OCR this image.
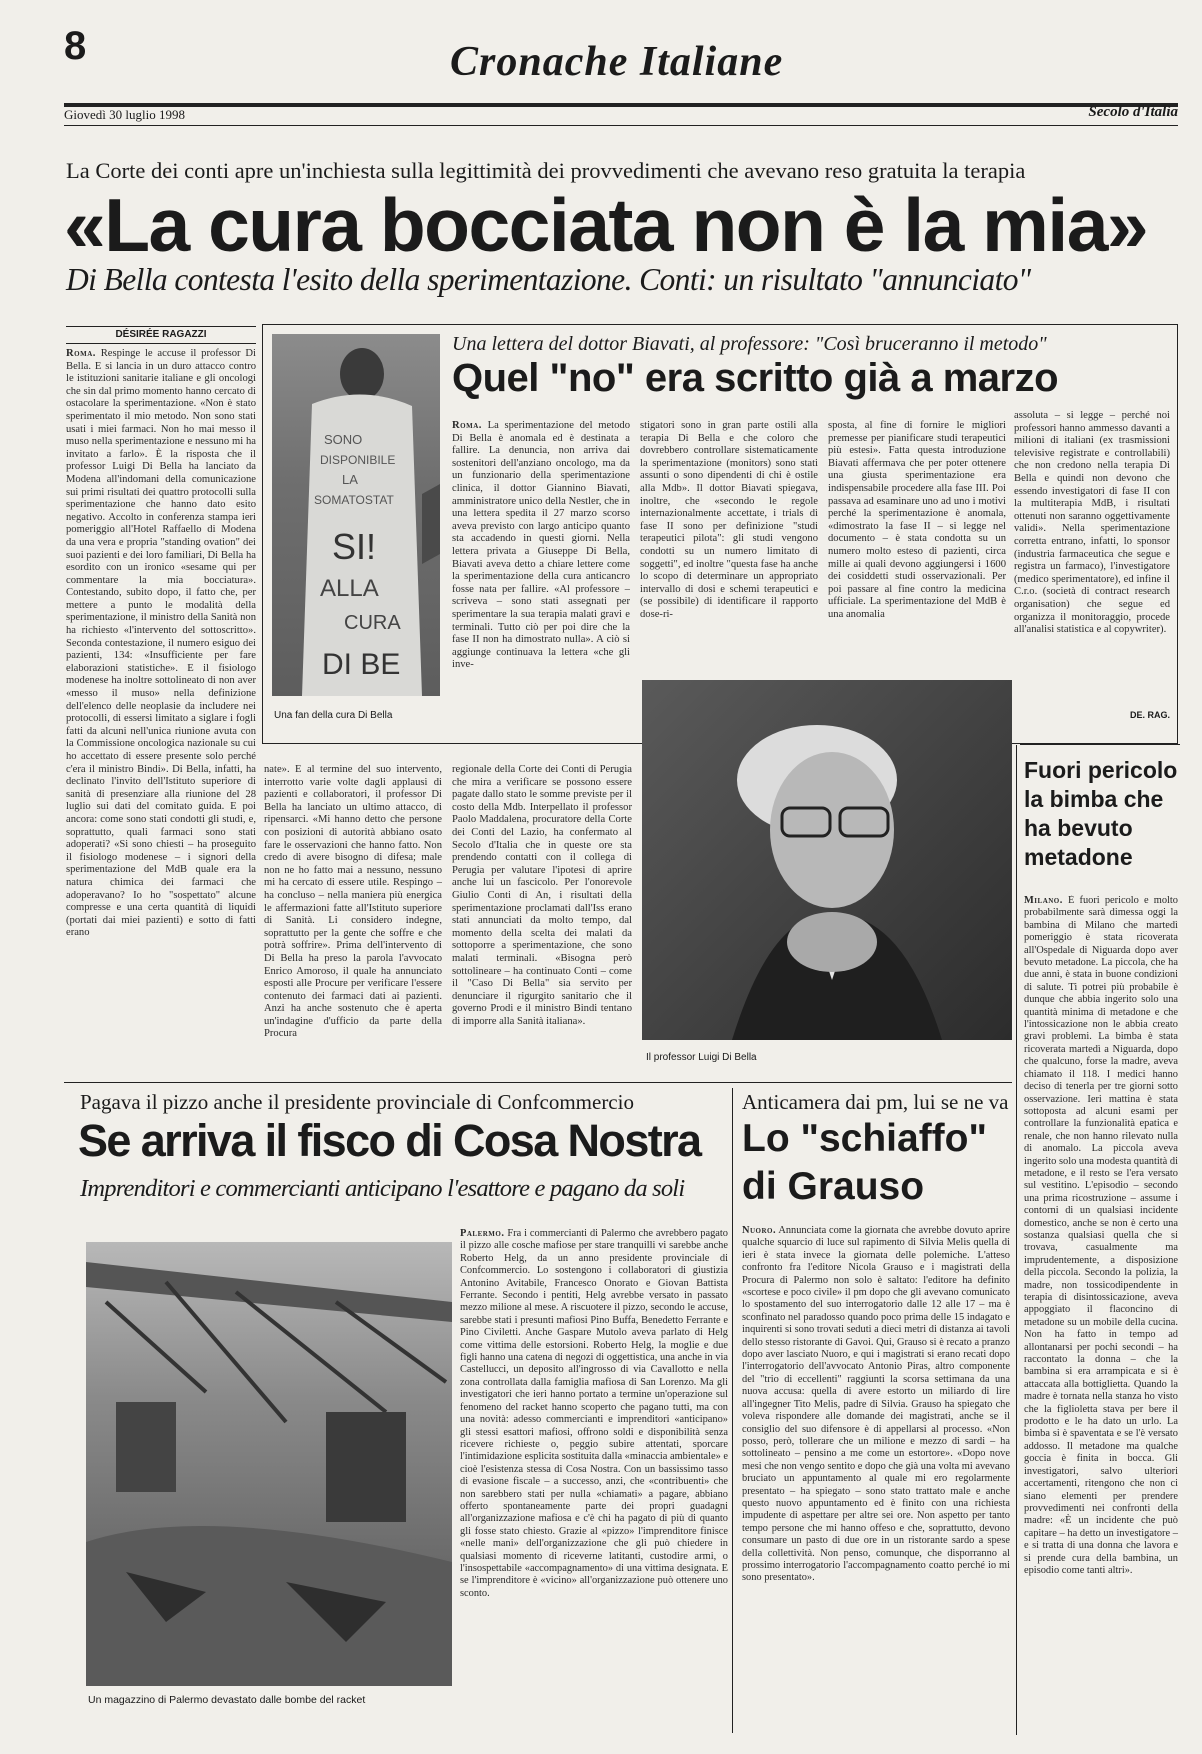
8	Cronache Italiane
Giovedì 30 luglio 1998	Secolo d'Italia
La Corte dei conti apre un'inchiesta sulla legittimità dei provvedimenti che avevano reso gratuita la terapia
«La cura bocciata non è la mia»
Di Bella contesta l'esito della sperimentazione. Conti: un risultato "annunciato"
DÉSIRÉE RAGAZZI

Roma. Respinge le accuse il professor Di Bella. E si lancia in un duro attacco contro le istituzioni sanitarie italiane e gli oncologi che sin dal primo momento hanno cercato di ostacolare la sperimentazione. «Non è stato sperimentato il mio metodo. Non sono stati usati i miei farmaci. Non ho mai messo il muso nella sperimentazione e nessuno mi ha invitato a farlo». È la risposta che il professor Luigi Di Bella ha lanciato da Modena all'indomani della comunicazione sui primi risultati dei quattro protocolli sulla sperimentazione che hanno dato esito negativo. Accolto in conferenza stampa ieri pomeriggio all'Hotel Raffaello di Modena da una vera e propria "standing ovation" dei suoi pazienti e dei loro familiari, Di Bella ha esordito con un ironico «sesame qui per commentare la mia bocciatura». Contestando, subito dopo, il fatto che, per mettere a punto le modalità della sperimentazione, il ministro della Sanità non ha richiesto «l'intervento del sottoscritto». Seconda contestazione, il numero esiguo dei pazienti, 134: «Insufficiente per fare elaborazioni statistiche». E il fisiologo modenese ha inoltre sottolineato di non aver «messo il muso» nella definizione dell'elenco delle neoplasie da includere nei protocolli, di essersi limitato a siglare i fogli fatti da alcuni nell'unica riunione avuta con la Commissione oncologica nazionale su cui ho accettato di essere presente solo perché c'era il ministro Bindi». Di Bella, infatti, ha declinato l'invito dell'Istituto superiore di sanità di presenziare alla riunione del 28 luglio sui dati del comitato guida. E poi ancora: come sono stati condotti gli studi, e, soprattutto, quali farmaci sono stati adoperati? «Si sono chiesti – ha proseguito il fisiologo modenese – i signori della sperimentazione del MdB quale era la natura chimica dei farmaci che adoperavano? Io ho "sospettato" alcune compresse e una certa quantità di liquidi (portati dai miei pazienti) e sotto di fatti erano

SONO
DISPONIBILE
LA
SOMATOSTAT
SI!
ALLA
CURA
DI BE
Una fan della cura Di Bella
Una lettera del dottor Biavati, al professore: "Così bruceranno il metodo"
Quel "no" era scritto già a marzo

Roma. La sperimentazione del metodo Di Bella è anomala ed è destinata a fallire. La denuncia, non arriva dai sostenitori dell'anziano oncologo, ma da un funzionario della sperimentazione clinica, il dottor Giannino Biavati, amministratore unico della Nestler, che in una lettera spedita il 27 marzo scorso aveva previsto con largo anticipo quanto sta accadendo in questi giorni. Nella lettera privata a Giuseppe Di Bella, Biavati aveva detto a chiare lettere come la sperimentazione della cura anticancro fosse nata per fallire. «Al professore – scriveva – sono stati assegnati per sperimentare la sua terapia malati gravi e terminali. Tutto ciò per poi dire che la fase II non ha dimostrato nulla». A ciò si aggiunge continuava la lettera «che gli inve-

stigatori sono in gran parte ostili alla terapia Di Bella e che coloro che dovrebbero controllare sistematicamente la sperimentazione (monitors) sono stati assunti o sono dipendenti di chi è ostile alla Mdb». Il dottor Biavati spiegava, inoltre, che «secondo le regole internazionalmente accettate, i trials di fase II sono per definizione "studi terapeutici pilota": gli studi vengono condotti su un numero limitato di soggetti", ed inoltre "questa fase ha anche lo scopo di determinare un appropriato intervallo di dosi e schemi terapeutici e (se possibile) di identificare il rapporto dose-ri-

sposta, al fine di fornire le migliori premesse per pianificare studi terapeutici più estesi». Fatta questa introduzione Biavati affermava che per poter ottenere una giusta sperimentazione era indispensabile procedere alla fase III. Poi passava ad esaminare uno ad uno i motivi perché la sperimentazione è anomala, «dimostrato la fase II – si legge nel documento – è stata condotta su un numero molto esteso di pazienti, circa mille ai quali devono aggiungersi i 1600 dei cosiddetti studi osservazionali. Per poi passare al fine contro la medicina ufficiale. La sperimentazione del MdB è una anomalia

assoluta – si legge – perché noi professori hanno ammesso davanti a milioni di italiani (ex trasmissioni televisive registrate e controllabili) che non credono nella terapia Di Bella e quindi non devono che essendo investigatori di fase II con la multiterapia MdB, i risultati ottenuti non saranno oggettivamente validi». Nella sperimentazione corretta entrano, infatti, lo sponsor (industria farmaceutica che segue e registra un farmaco), l'investigatore (medico sperimentatore), ed infine il C.r.o. (società di contract research organisation) che segue ed organizza il monitoraggio, procede all'analisi statistica e al copywriter).

DE. RAG.
Il professor Luigi Di Bella

nate». E al termine del suo intervento, interrotto varie volte dagli applausi di pazienti e collaboratori, il professor Di Bella ha lanciato un ultimo attacco, di ripensarci. «Mi hanno detto che persone con posizioni di autorità abbiano osato fare le osservazioni che hanno fatto. Non credo di avere bisogno di difesa; male non ne ho fatto mai a nessuno, nessuno mi ha cercato di essere utile. Respingo – ha concluso – nella maniera più energica le affermazioni fatte all'Istituto superiore di Sanità. Li considero indegne, soprattutto per la gente che soffre e che potrà soffrire». Prima dell'intervento di Di Bella ha preso la parola l'avvocato Enrico Amoroso, il quale ha annunciato esposti alle Procure per verificare l'essere contenuto dei farmaci dati ai pazienti. Anzi ha anche sostenuto che è aperta un'indagine d'ufficio da parte della Procura

regionale della Corte dei Conti di Perugia che mira a verificare se possono essere pagate dallo stato le somme previste per il costo della Mdb. Interpellato il professor Paolo Maddalena, procuratore della Corte dei Conti del Lazio, ha confermato al Secolo d'Italia che in queste ore sta prendendo contatti con il collega di Perugia per valutare l'ipotesi di aprire anche lui un fascicolo. Per l'onorevole Giulio Conti di An, i risultati della sperimentazione proclamati dall'Iss erano stati annunciati da molto tempo, dal momento della scelta dei malati da sottoporre a sperimentazione, che sono malati terminali. «Bisogna però sottolineare – ha continuato Conti – come il "Caso Di Bella" sia servito per denunciare il rigurgito sanitario che il governo Prodi e il ministro Bindi tentano di imporre alla Sanità italiana».

Fuori pericolo la bimba che ha bevuto metadone

Milano. È fuori pericolo e molto probabilmente sarà dimessa oggi la bambina di Milano che martedì pomeriggio è stata ricoverata all'Ospedale di Niguarda dopo aver bevuto metadone. La piccola, che ha due anni, è stata in buone condizioni di salute. Ti potrei più probabile è dunque che abbia ingerito solo una quantità minima di metadone e che l'intossicazione non le abbia creato gravi problemi. La bimba è stata ricoverata martedì a Niguarda, dopo che qualcuno, forse la madre, aveva chiamato il 118. I medici hanno deciso di tenerla per tre giorni sotto osservazione. Ieri mattina è stata sottoposta ad alcuni esami per controllare la funzionalità epatica e renale, che non hanno rilevato nulla di anomalo. La piccola aveva ingerito solo una modesta quantità di metadone, e il resto se l'era versato sul vestitino. L'episodio – secondo una prima ricostruzione – assume i contorni di un qualsiasi incidente domestico, anche se non è certo una sostanza qualsiasi quella che si trovava, casualmente ma imprudentemente, a disposizione della piccola. Secondo la polizia, la madre, non tossicodipendente in terapia di disintossicazione, aveva appoggiato il flaconcino di metadone su un mobile della cucina. Non ha fatto in tempo ad allontanarsi per pochi secondi – ha raccontato la donna – che la bambina si era arrampicata e si è attaccata alla bottiglietta. Quando la madre è tornata nella stanza ho visto che la figlioletta stava per bere il prodotto e le ha dato un urlo. La bimba si è spaventata e se l'è versato addosso. Il metadone ma qualche goccia è finita in bocca. Gli investigatori, salvo ulteriori accertamenti, ritengono che non ci siano elementi per prendere provvedimenti nei confronti della madre: «È un incidente che può capitare – ha detto un investigatore – e si tratta di una donna che lavora e si prende cura della bambina, un episodio come tanti altri».

Pagava il pizzo anche il presidente provinciale di Confcommercio
Se arriva il fisco di Cosa Nostra
Imprenditori e commercianti anticipano l'esattore e pagano da soli
Un magazzino di Palermo devastato dalle bombe del racket

Palermo. Fra i commercianti di Palermo che avrebbero pagato il pizzo alle cosche mafiose per stare tranquilli vi sarebbe anche Roberto Helg, da un anno presidente provinciale di Confcommercio. Lo sostengono i collaboratori di giustizia Antonino Avitabile, Francesco Onorato e Giovan Battista Ferrante. Secondo i pentiti, Helg avrebbe versato in passato mezzo milione al mese. A riscuotere il pizzo, secondo le accuse, sarebbe stati i presunti mafiosi Pino Buffa, Benedetto Ferrante e Pino Civiletti. Anche Gaspare Mutolo aveva parlato di Helg come vittima delle estorsioni. Roberto Helg, la moglie e due figli hanno una catena di negozi di oggettistica, una anche in via Castellucci, un deposito all'ingrosso di via Cavallotto e nella zona controllata dalla famiglia mafiosa di San Lorenzo. Ma gli investigatori che ieri hanno portato a termine un'operazione sul fenomeno del racket hanno scoperto che pagano tutti, ma con una novità: adesso commercianti e imprenditori «anticipano» gli stessi esattori mafiosi, offrono soldi e disponibilità senza ricevere richieste o, peggio subire attentati, sporcare l'intimidazione esplicita sostituita dalla «minaccia ambientale» e cioè l'esistenza stessa di Cosa Nostra. Con un bassissimo tasso di evasione fiscale – a successo, anzi, che «contribuenti» che non sarebbero stati per nulla «chiamati» a pagare, abbiano offerto spontaneamente parte dei propri guadagni all'organizzazione mafiosa e c'è chi ha pagato di più di quanto gli fosse stato chiesto. Grazie al «pizzo» l'imprenditore finisce «nelle mani» dell'organizzazione che gli può chiedere in qualsiasi momento di riceverne latitanti, custodire armi, o l'insospettabile «accompagnamento» di una vittima designata. E se l'imprenditore è «vicino» all'organizzazione può ottenere uno sconto.

Anticamera dai pm, lui se ne va
Lo "schiaffo" di Grauso

Nuoro. Annunciata come la giornata che avrebbe dovuto aprire qualche squarcio di luce sul rapimento di Silvia Melis quella di ieri è stata invece la giornata delle polemiche. L'atteso confronto fra l'editore Nicola Grauso e i magistrati della Procura di Palermo non solo è saltato: l'editore ha definito «scortese e poco civile» il pm dopo che gli avevano comunicato lo spostamento del suo interrogatorio dalle 12 alle 17 – ma è sconfinato nel paradosso quando poco prima delle 15 indagato e inquirenti si sono trovati seduti a dieci metri di distanza ai tavoli dello stesso ristorante di Gavoi. Qui, Grauso si è recato a pranzo dopo aver lasciato Nuoro, e qui i magistrati si erano recati dopo l'interrogatorio dell'avvocato Antonio Piras, altro componente del "trio di eccellenti" raggiunti la scorsa settimana da una nuova accusa: quella di avere estorto un miliardo di lire all'ingegner Tito Melis, padre di Silvia. Grauso ha spiegato che voleva rispondere alle domande dei magistrati, anche se il consiglio del suo difensore è di appellarsi al processo. «Non posso, però, tollerare che un milione e mezzo di sardi – ha sottolineato – pensino a me come un estortore». «Dopo nove mesi che non vengo sentito e dopo che già una volta mi avevano bruciato un appuntamento al quale mi ero regolarmente presentato – ha spiegato – sono stato trattato male e anche questo nuovo appuntamento ed è finito con una richiesta impudente di aspettare per altre sei ore. Non aspetto per tanto tempo persone che mi hanno offeso e che, soprattutto, devono consumare un pasto di due ore in un ristorante sardo a spese della collettività. Non penso, comunque, che disporranno al prossimo interrogatorio l'accompagnamento coatto perché io mi sono presentato».
